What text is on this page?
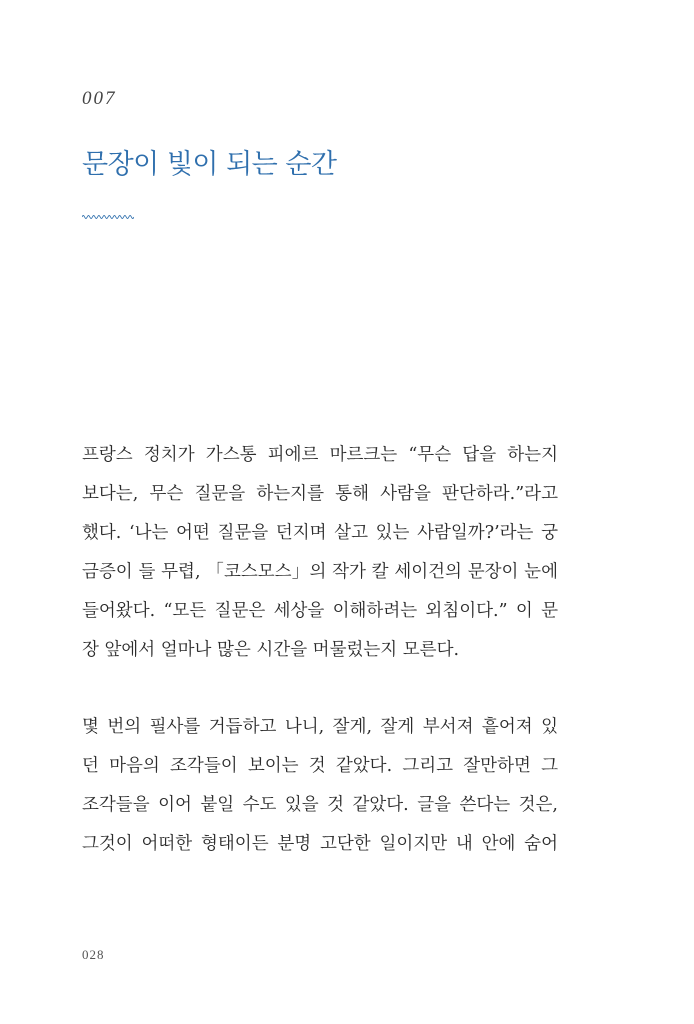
007
문장이 빛이 되는 순간

프랑스 정치가 가스통 피에르 마르크는 “무슨 답을 하는지
보다는, 무슨 질문을 하는지를 통해 사람을 판단하라.”라고
했다. ‘나는 어떤 질문을 던지며 살고 있는 사람일까?’라는 궁
금증이 들 무렵, 「코스모스」의 작가 칼 세이건의 문장이 눈에
들어왔다. “모든 질문은 세상을 이해하려는 외침이다.” 이 문
장 앞에서 얼마나 많은 시간을 머물렀는지 모른다.

몇 번의 필사를 거듭하고 나니, 잘게, 잘게 부서져 흩어져 있
던 마음의 조각들이 보이는 것 같았다. 그리고 잘만하면 그
조각들을 이어 붙일 수도 있을 것 같았다. 글을 쓴다는 것은,
그것이 어떠한 형태이든 분명 고단한 일이지만 내 안에 숨어

028
